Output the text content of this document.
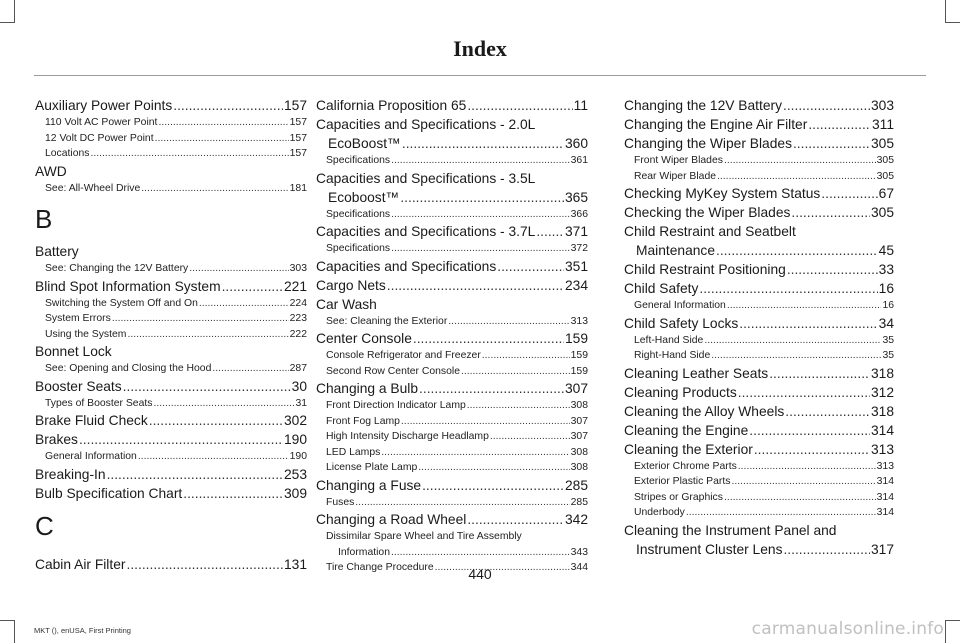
Index
Auxiliary Power Points .....	157
110 Volt AC Power Point .....	157
12 Volt DC Power Point .....	157
Locations .....	157
AWD
See: All-Wheel Drive .....	181
B
Battery
See: Changing the 12V Battery .....	303
Blind Spot Information System .....	221
Switching the System Off and On .....	224
System Errors .....	223
Using the System .....	222
Bonnet Lock
See: Opening and Closing the Hood .....	287
Booster Seats .....	30
Types of Booster Seats .....	31
Brake Fluid Check .....	302
Brakes .....	190
General Information .....	190
Breaking-In .....	253
Bulb Specification Chart .....	309
C
Cabin Air Filter .....	131
California Proposition 65 .....	11
Capacities and Specifications - 2.0L
EcoBoost™ .....	360
Specifications .....	361
Capacities and Specifications - 3.5L
Ecoboost™ .....	365
Specifications .....	366
Capacities and Specifications - 3.7L ..... 371
Specifications .....	372
Capacities and Specifications .....	351
Cargo Nets .....	234
Car Wash
See: Cleaning the Exterior .....	313
Center Console .....	159
Console Refrigerator and Freezer .....	159
Second Row Center Console .....	159
Changing a Bulb .....	307
Front Direction Indicator Lamp .....	308
Front Fog Lamp .....	307
High Intensity Discharge Headlamp .....	307
LED Lamps .....	308
License Plate Lamp .....	308
Changing a Fuse .....	285
Fuses .....	285
Changing a Road Wheel .....	342
Dissimilar Spare Wheel and Tire Assembly
Information .....	343
Tire Change Procedure .....	344
Changing the 12V Battery .....	303
Changing the Engine Air Filter .....	311
Changing the Wiper Blades .....	305
Front Wiper Blades .....	305
Rear Wiper Blade .....	305
Checking MyKey System Status .....	67
Checking the Wiper Blades .....	305
Child Restraint and Seatbelt
Maintenance .....	45
Child Restraint Positioning .....	33
Child Safety .....	16
General Information .....	16
Child Safety Locks .....	34
Left-Hand Side .....	35
Right-Hand Side .....	35
Cleaning Leather Seats .....	318
Cleaning Products .....	312
Cleaning the Alloy Wheels .....	318
Cleaning the Engine .....	314
Cleaning the Exterior .....	313
Exterior Chrome Parts .....	313
Exterior Plastic Parts .....	314
Stripes or Graphics .....	314
Underbody .....	314
Cleaning the Instrument Panel and
Instrument Cluster Lens .....	317
440
MKT (), enUSA, First Printing	carmanualsonline.info
